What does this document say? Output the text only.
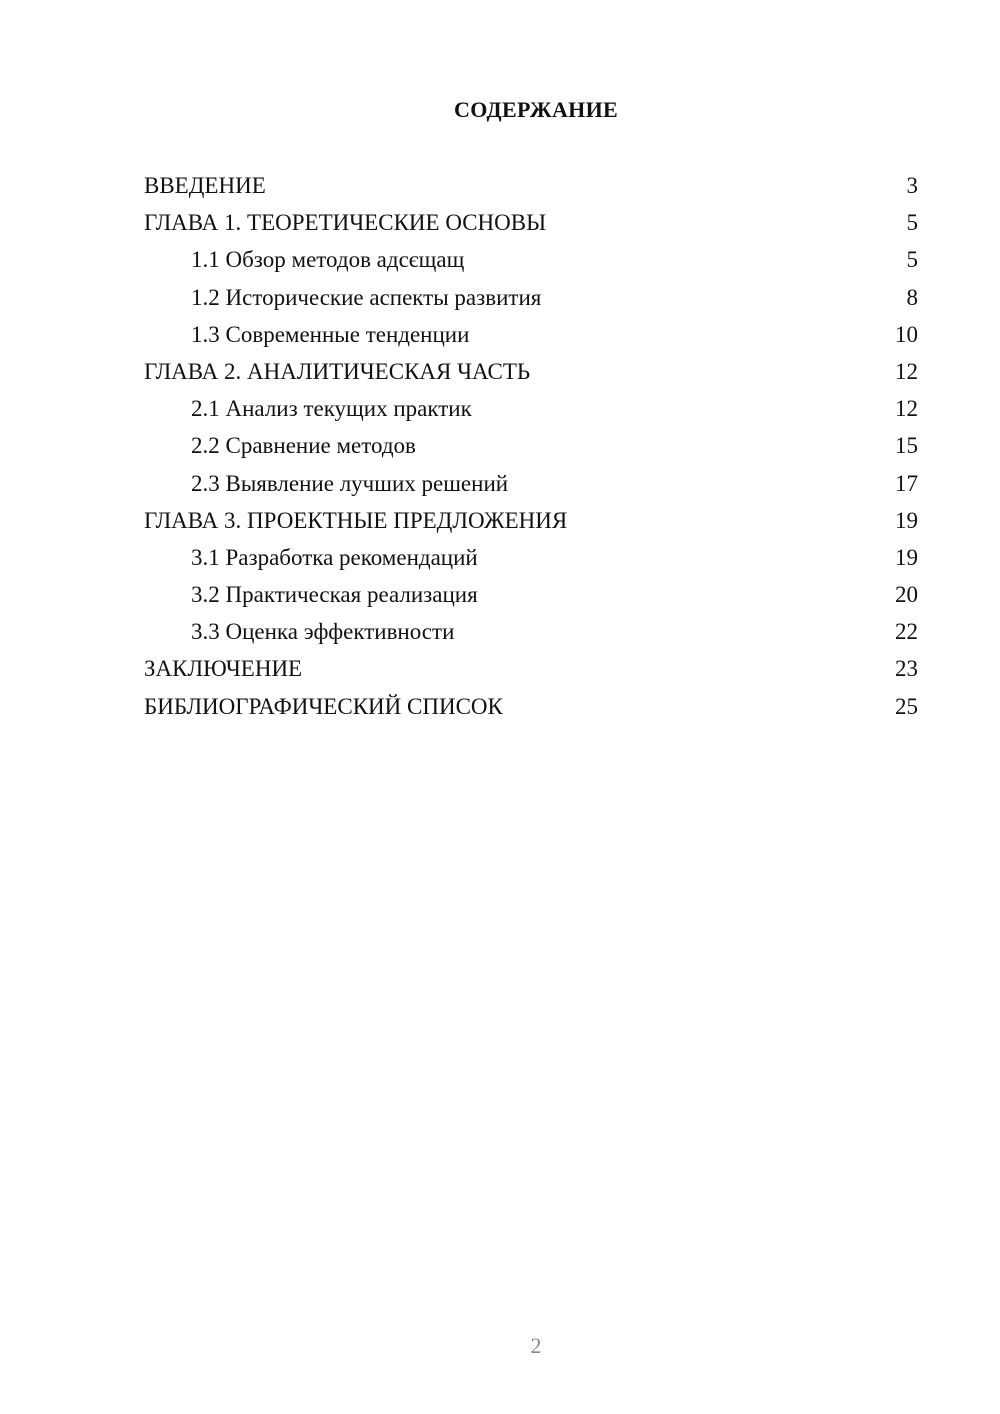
СОДЕРЖАНИЕ
ВВЕДЕНИЕ	3
ГЛАВА 1. ТЕОРЕТИЧЕСКИЕ ОСНОВЫ	5
1.1 Обзор методов адсєщащ	5
1.2 Исторические аспекты развития	8
1.3 Современные тенденции	10
ГЛАВА 2. АНАЛИТИЧЕСКАЯ ЧАСТЬ	12
2.1 Анализ текущих практик	12
2.2 Сравнение методов	15
2.3 Выявление лучших решений	17
ГЛАВА 3. ПРОЕКТНЫЕ ПРЕДЛОЖЕНИЯ	19
3.1 Разработка рекомендаций	19
3.2 Практическая реализация	20
3.3 Оценка эффективности	22
ЗАКЛЮЧЕНИЕ	23
БИБЛИОГРАФИЧЕСКИЙ СПИСОК	25
2
